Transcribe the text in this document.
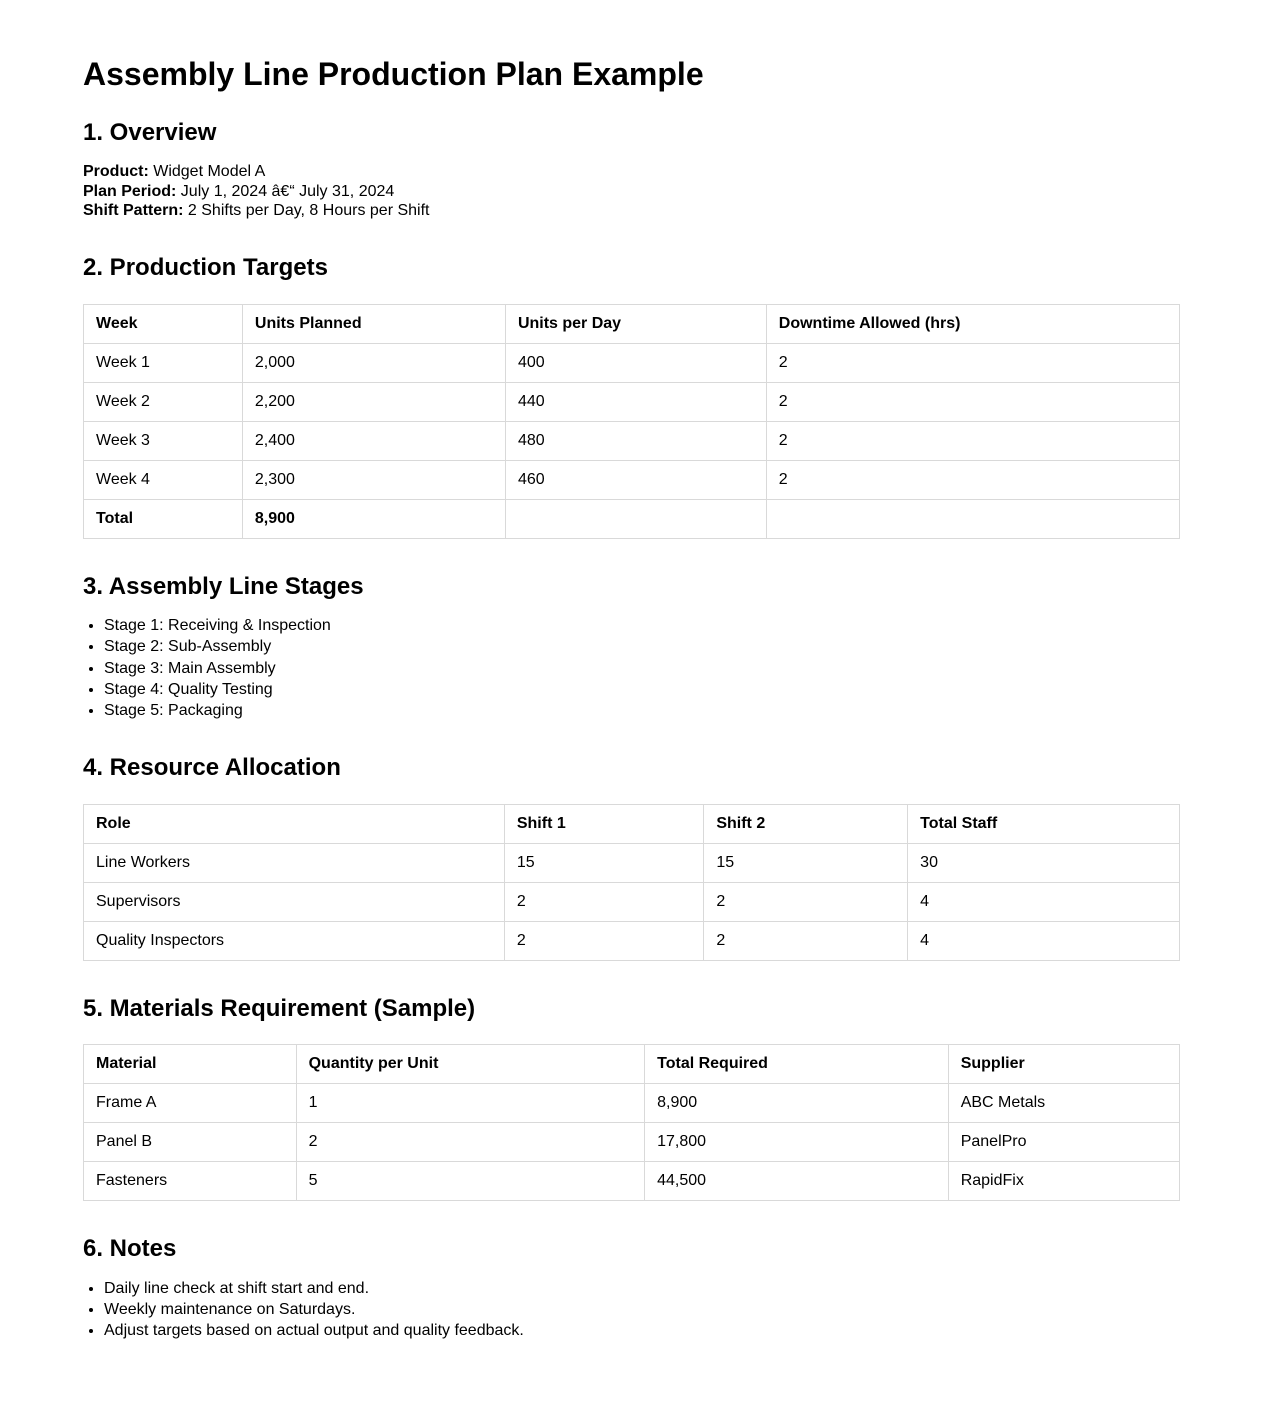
Assembly Line Production Plan Example
1. Overview

Product: Widget Model A
Plan Period: July 1, 2024 â€“ July 31, 2024
Shift Pattern: 2 Shifts per Day, 8 Hours per Shift

2. Production Targets
Week	Units Planned	Units per Day	Downtime Allowed (hrs)
Week 1	2,000	400	2
Week 2	2,200	440	2
Week 3	2,400	480	2
Week 4	2,300	460	2
Total	8,900		
3. Assembly Line Stages
• Stage 1: Receiving & Inspection
• Stage 2: Sub-Assembly
• Stage 3: Main Assembly
• Stage 4: Quality Testing
• Stage 5: Packaging
4. Resource Allocation
Role	Shift 1	Shift 2	Total Staff
Line Workers	15	15	30
Supervisors	2	2	4
Quality Inspectors	2	2	4
5. Materials Requirement (Sample)
Material	Quantity per Unit	Total Required	Supplier
Frame A	1	8,900	ABC Metals
Panel B	2	17,800	PanelPro
Fasteners	5	44,500	RapidFix
6. Notes
• Daily line check at shift start and end.
• Weekly maintenance on Saturdays.
• Adjust targets based on actual output and quality feedback.
